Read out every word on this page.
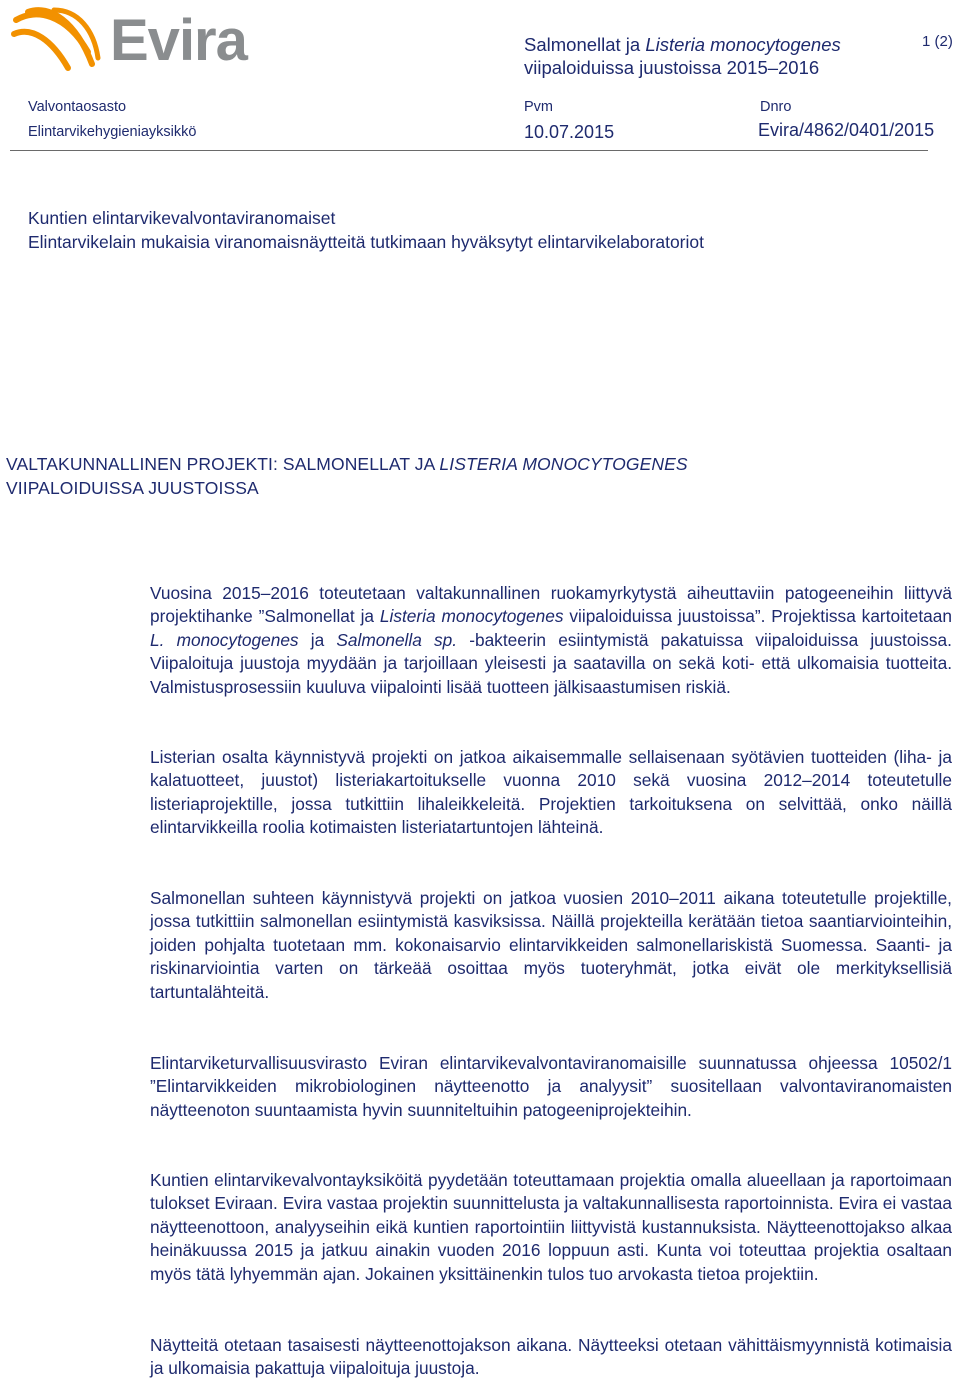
Evira	Salmonellat ja Listeria monocytogenes
viipaloiduissa juustoissa 2015–2016
1 (2)
Valvontaosasto
Elintarvikehygieniayksikkö
Pvm
10.07.2015
Dnro
Evira/4862/0401/2015
Kuntien elintarvikevalvontaviranomaiset
Elintarvikelain mukaisia viranomaisnäytteitä tutkimaan hyväksytyt elintarvikelaboratoriot
VALTAKUNNALLINEN PROJEKTI: SALMONELLAT JA LISTERIA MONOCYTOGENES
VIIPALOIDUISSA JUUSTOISSA

Vuosina 2015‒2016 toteutetaan valtakunnallinen ruokamyrkytystä aiheuttaviin patogeeneihin liittyvä projektihanke ”Salmonellat ja Listeria monocytogenes viipaloiduissa juustoissa”. Projektissa kartoitetaan L. monocytogenes ja Salmonella sp. -bakteerin esiintymistä pakatuissa viipaloiduissa juustoissa. Viipaloituja juustoja myydään ja tarjoillaan yleisesti ja saatavilla on sekä koti- että ulkomaisia tuotteita. Valmistusprosessiin kuuluva viipalointi lisää tuotteen jälkisaastumisen riskiä.

Listerian osalta käynnistyvä projekti on jatkoa aikaisemmalle sellaisenaan syötävien tuotteiden (liha- ja kalatuotteet, juustot) listeriakartoitukselle vuonna 2010 sekä vuosina 2012‒2014 toteutetulle listeriaprojektille, jossa tutkittiin lihaleikkeleitä. Projektien tarkoituksena on selvittää, onko näillä elintarvikkeilla roolia kotimaisten listeriatartuntojen lähteinä.

Salmonellan suhteen käynnistyvä projekti on jatkoa vuosien 2010‒2011 aikana toteutetulle projektille, jossa tutkittiin salmonellan esiintymistä kasviksissa. Näillä projekteilla kerätään tietoa saantiarviointeihin, joiden pohjalta tuotetaan mm. kokonaisarvio elintarvikkeiden salmonellariskistä Suomessa. Saanti- ja riskinarviointia varten on tärkeää osoittaa myös tuoteryhmät, jotka eivät ole merkityksellisiä tartuntalähteitä.

Elintarviketurvallisuusvirasto Eviran elintarvikevalvontaviranomaisille suunnatussa ohjeessa 10502/1 ”Elintarvikkeiden mikrobiologinen näytteenotto ja analyysit” suositellaan valvontaviranomaisten näytteenoton suuntaamista hyvin suunniteltuihin patogeeniprojekteihin.

Kuntien elintarvikevalvontayksiköitä pyydetään toteuttamaan projektia omalla alueellaan ja raportoimaan tulokset Eviraan. Evira vastaa projektin suunnittelusta ja valtakunnallisesta raportoinnista. Evira ei vastaa näytteenottoon, analyyseihin eikä kuntien raportointiin liittyvistä kustannuksista. Näytteenottojakso alkaa heinäkuussa 2015 ja jatkuu ainakin vuoden 2016 loppuun asti. Kunta voi toteuttaa projektia osaltaan myös tätä lyhyemmän ajan. Jokainen yksittäinenkin tulos tuo arvokasta tietoa projektiin.

Näytteitä otetaan tasaisesti näytteenottojakson aikana. Näytteeksi otetaan vähittäismyynnistä kotimaisia ja ulkomaisia pakattuja viipaloituja juustoja.
